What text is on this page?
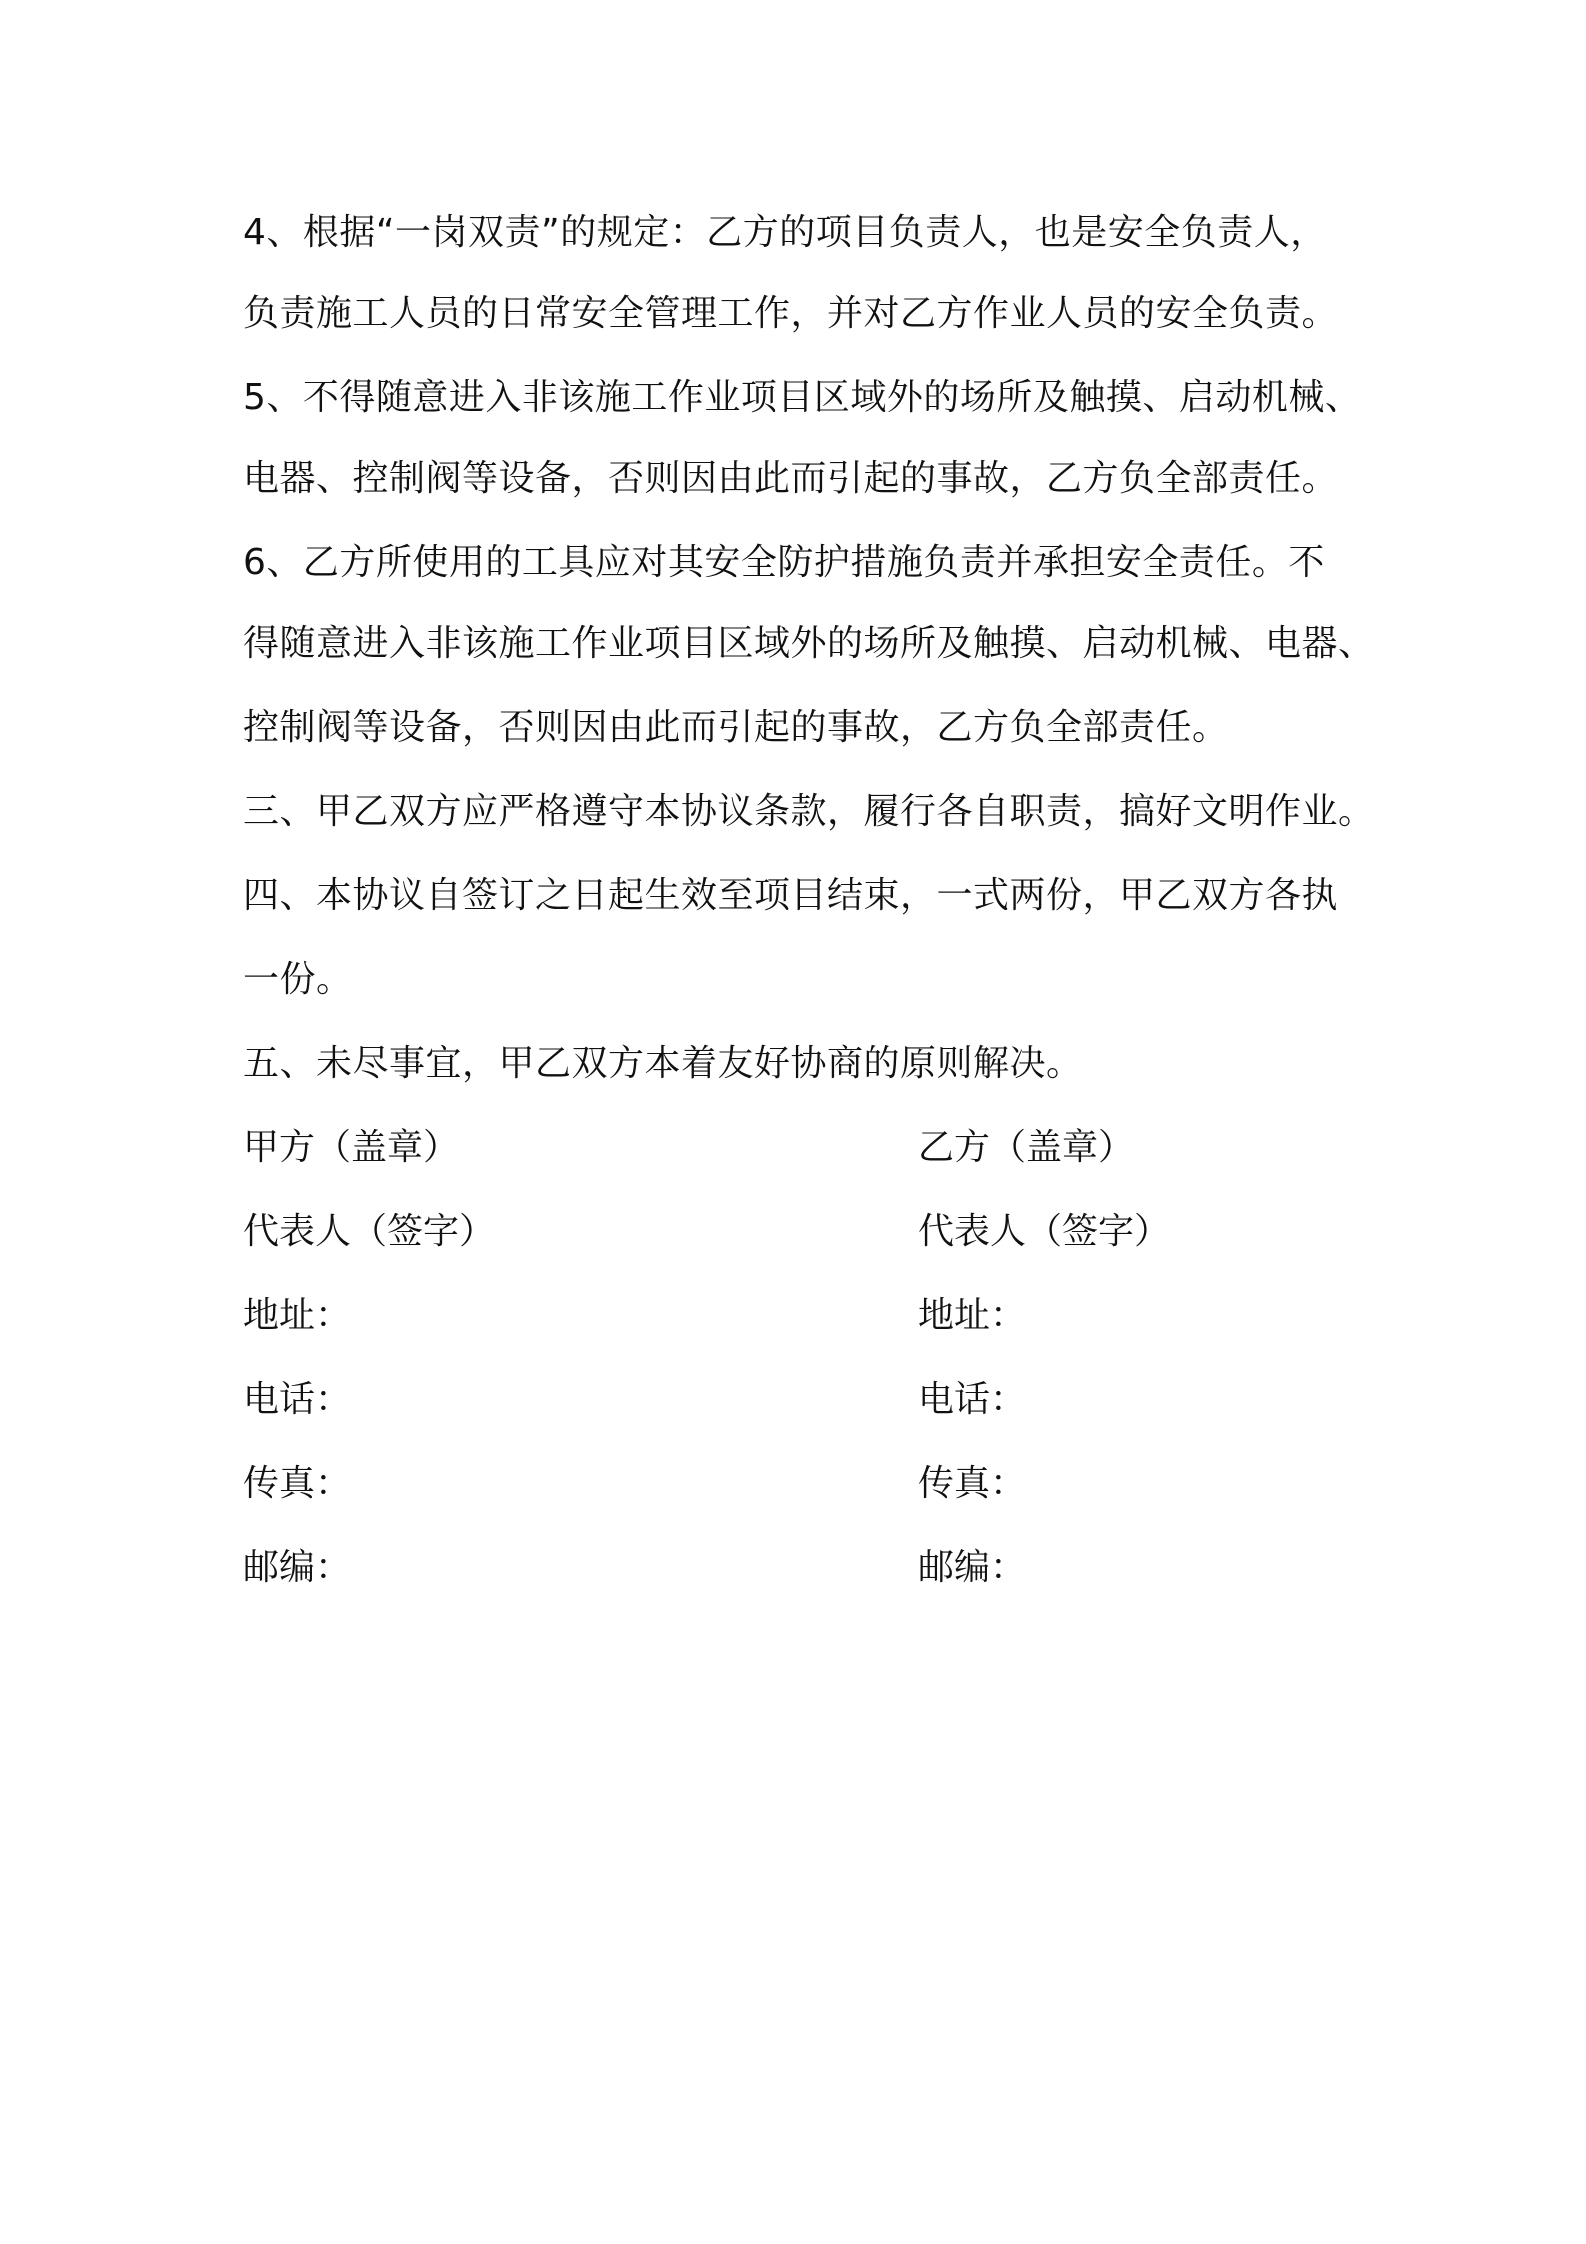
4、根据“一岗双责”的规定：乙方的项目负责人，也是安全负责人，
负责施工人员的日常安全管理工作，并对乙方作业人员的安全负责。
5、不得随意进入非该施工作业项目区域外的场所及触摸、启动机械、
电器、控制阀等设备，否则因由此而引起的事故，乙方负全部责任。
6、乙方所使用的工具应对其安全防护措施负责并承担安全责任。不
得随意进入非该施工作业项目区域外的场所及触摸、启动机械、电器、
控制阀等设备，否则因由此而引起的事故，乙方负全部责任。
三、甲乙双方应严格遵守本协议条款，履行各自职责，搞好文明作业。
四、本协议自签订之日起生效至项目结束，一式两份，甲乙双方各执
一份。
五、未尽事宜，甲乙双方本着友好协商的原则解决。
甲方（盖章）
代表人（签字）
地址：
电话：
传真：
邮编：
乙方（盖章）
代表人（签字）
地址：
电话：
传真：
邮编：
